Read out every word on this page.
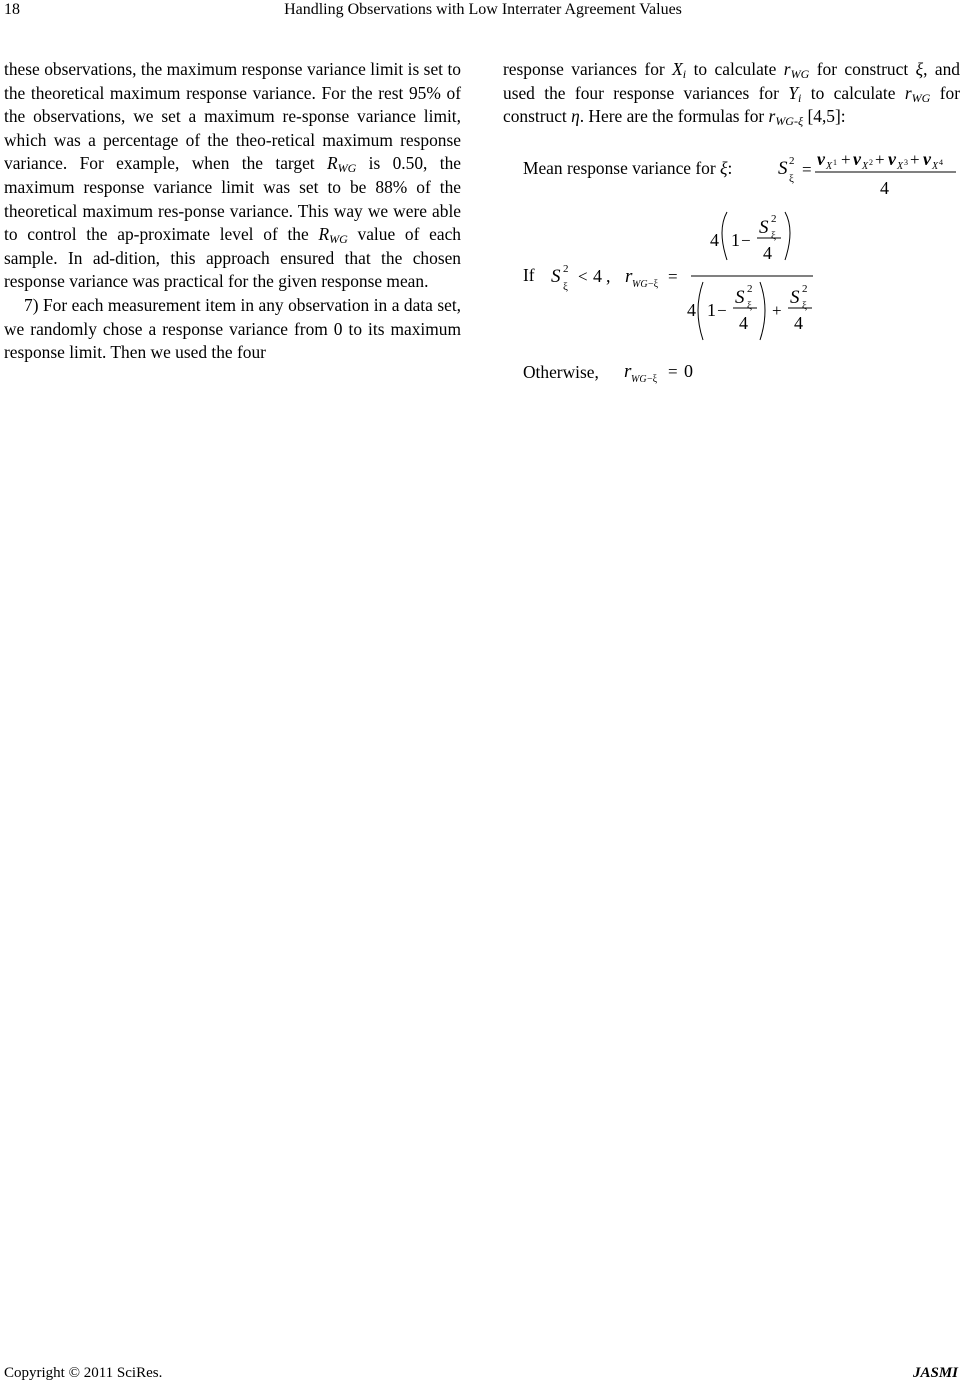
18	Handling Observations with Low Interrater Agreement Values

these observations, the maximum response variance limit is set to the theoretical maximum response variance. For the rest 95% of the observations, we set a maximum re-sponse variance limit, which was a percentage of the theo-retical maximum response variance. For example, when the target $R_{WG}$ is 0.50, the maximum response variance limit was set to be 88% of the theoretical maximum res-ponse variance. This way we were able to control the ap-proximate level of the $R_{WG}$ value of each sample. In ad-dition, this approach ensured that the chosen response variance was practical for the given response mean.

7) For each measurement item in any observation in a data set, we randomly chose a response variance from 0 to its maximum response limit. Then we used the four

response variances for $X_i$ to calculate $r_{WG}$ for construct ξ, and used the four response variances for $Y_i$ to calculate $r_{WG}$ for construct η. Here are the formulas for $r_{WG-\xi}$ [4,5]:

Mean response variance for ξ: S 2
ξ =
v X 1 + v X 2 + v X 3 + v X 4
4
If S 2
ξ
< 4 , r WG −ξ =
4 1 −
S 2
ξ
4
4 1 −
S 2
ξ
4
+
S 2
ξ
4
Otherwise, r WG −ξ = 0
Copyright © 2011 SciRes.	JASMI
